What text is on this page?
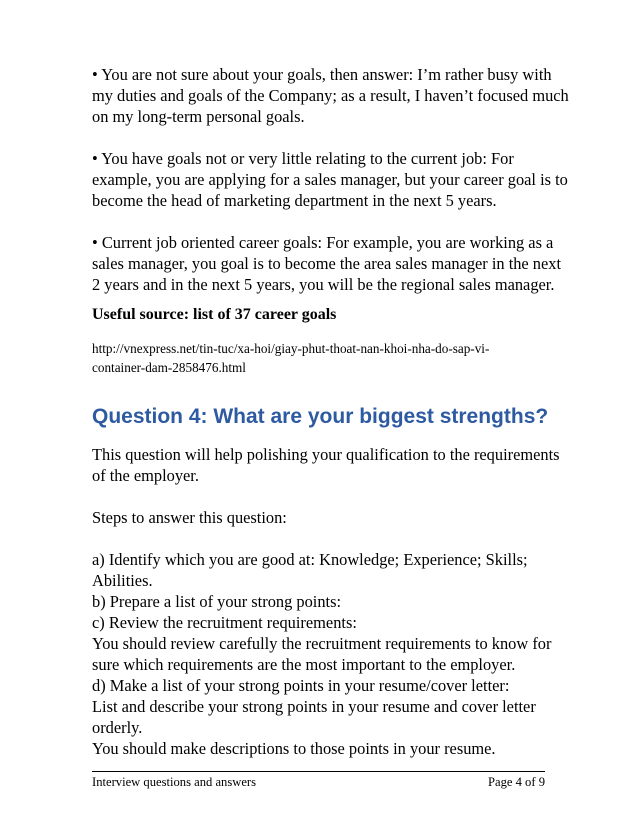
• You are not sure about your goals, then answer: I’m rather busy with
my duties and goals of the Company; as a result, I haven’t focused much
on my long-term personal goals.
• You have goals not or very little relating to the current job: For
example, you are applying for a sales manager, but your career goal is to
become the head of marketing department in the next 5 years.
• Current job oriented career goals: For example, you are working as a
sales manager, you goal is to become the area sales manager in the next
2 years and in the next 5 years, you will be the regional sales manager.
Useful source: list of 37 career goals
http://vnexpress.net/tin-tuc/xa-hoi/giay-phut-thoat-nan-khoi-nha-do-sap-vi-
container-dam-2858476.html
Question 4: What are your biggest strengths?
This question will help polishing your qualification to the requirements
of the employer.
Steps to answer this question:
a) Identify which you are good at: Knowledge; Experience; Skills;
Abilities.
b) Prepare a list of your strong points:
c) Review the recruitment requirements:
You should review carefully the recruitment requirements to know for
sure which requirements are the most important to the employer.
d) Make a list of your strong points in your resume/cover letter:
List and describe your strong points in your resume and cover letter
orderly.
You should make descriptions to those points in your resume.
Interview questions and answers	Page 4 of 9
